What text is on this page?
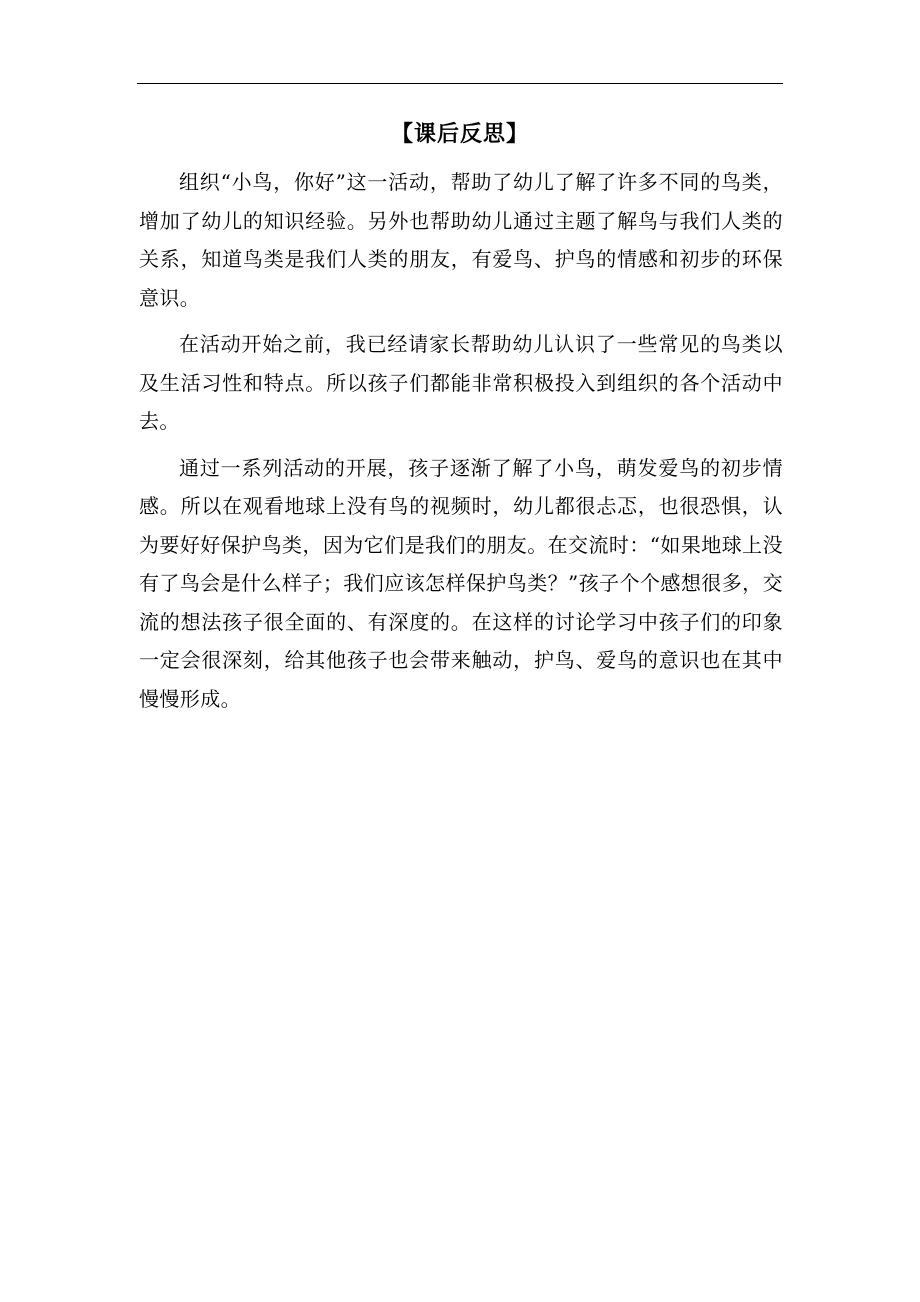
【课后反思】

组织“小鸟，你好”这一活动，帮助了幼儿了解了许多不同的鸟类，增加了幼儿的知识经验。另外也帮助幼儿通过主题了解鸟与我们人类的关系，知道鸟类是我们人类的朋友，有爱鸟、护鸟的情感和初步的环保意识。

在活动开始之前，我已经请家长帮助幼儿认识了一些常见的鸟类以及生活习性和特点。所以孩子们都能非常积极投入到组织的各个活动中去。

通过一系列活动的开展，孩子逐渐了解了小鸟，萌发爱鸟的初步情感。所以在观看地球上没有鸟的视频时，幼儿都很忐忑，也很恐惧，认为要好好保护鸟类，因为它们是我们的朋友。在交流时：“如果地球上没有了鸟会是什么样子；我们应该怎样保护鸟类？”孩子个个感想很多，交流的想法孩子很全面的、有深度的。在这样的讨论学习中孩子们的印象一定会很深刻，给其他孩子也会带来触动，护鸟、爱鸟的意识也在其中慢慢形成。
